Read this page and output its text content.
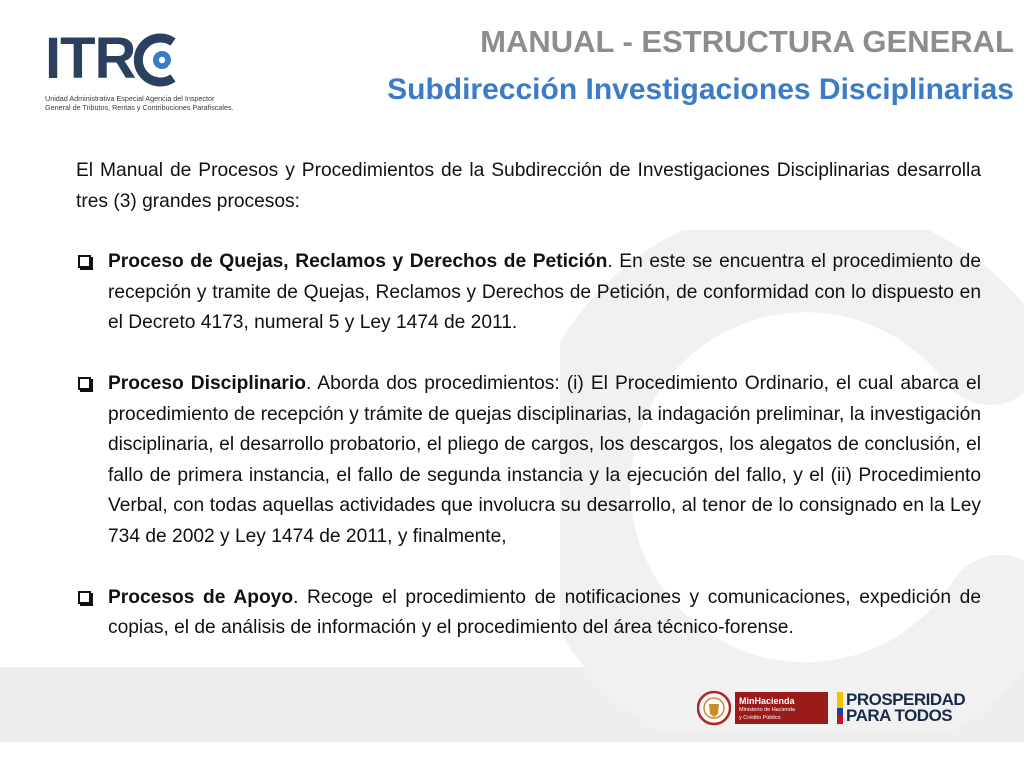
ITR
Unidad Administrativa Especial Agencia del Inspector
General de Tributos, Rentas y Contribuciones Parafiscales.
MANUAL - ESTRUCTURA GENERAL
Subdirección Investigaciones Disciplinarias

El Manual de Procesos y Procedimientos de la Subdirección de Investigaciones Disciplinarias desarrolla tres (3) grandes procesos:

Proceso de Quejas, Reclamos y Derechos de Petición. En este se encuentra el procedimiento de recepción y tramite de Quejas, Reclamos y Derechos de Petición, de conformidad con lo dispuesto en el Decreto 4173, numeral 5 y Ley 1474 de 2011.
Proceso Disciplinario. Aborda dos procedimientos: (i) El Procedimiento Ordinario, el cual abarca el procedimiento de recepción y trámite de quejas disciplinarias, la indagación preliminar, la investigación disciplinaria, el desarrollo probatorio, el pliego de cargos, los descargos, los alegatos de conclusión, el fallo de primera instancia, el fallo de segunda instancia y la ejecución del fallo, y el (ii) Procedimiento Verbal, con todas aquellas actividades que involucra su desarrollo, al tenor de lo consignado en la Ley 734 de 2002 y Ley 1474 de 2011, y finalmente,
Procesos de Apoyo. Recoge el procedimiento de notificaciones y comunicaciones, expedición de copias, el de análisis de información y el procedimiento del área técnico-forense.
MinHacienda
Ministerio de Hacienda
y Crédito Público
PROSPERIDAD
PARA TODOS
